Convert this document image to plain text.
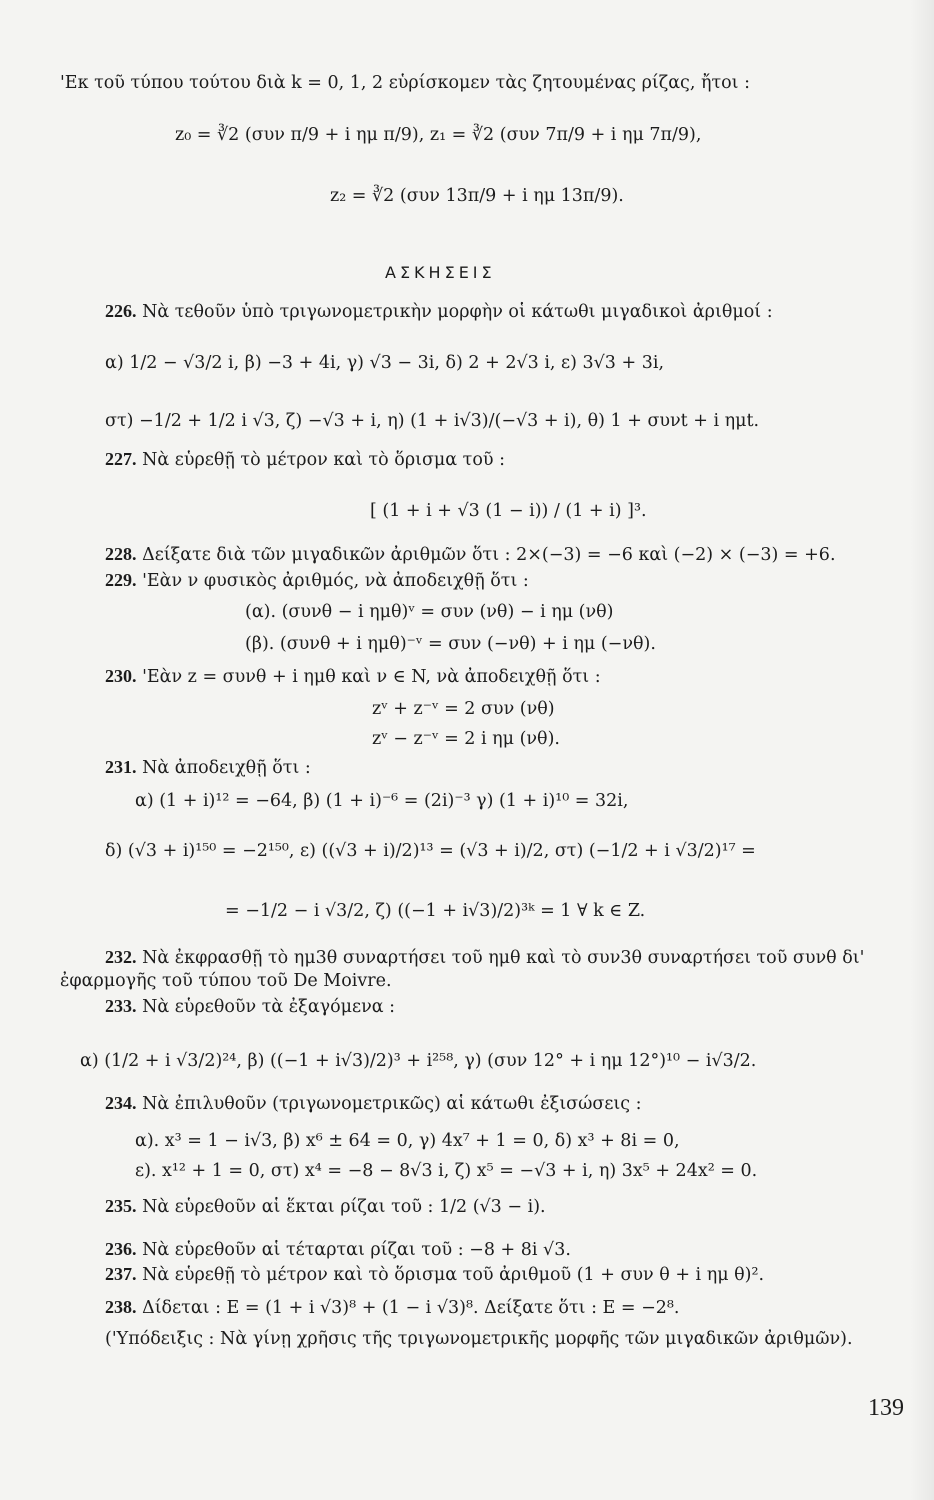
'Εκ τοῦ τύπου τούτου διὰ k = 0, 1, 2 εὑρίσκομεν τὰς ζητουμένας ρίζας, ἤτοι :
z₀ = ∛2 (συν π/9 + i ημ π/9), z₁ = ∛2 (συν 7π/9 + i ημ 7π/9),
z₂ = ∛2 (συν 13π/9 + i ημ 13π/9).
ΑΣΚΗΣΕΙΣ
226. Νὰ τεθοῦν ὑπὸ τριγωνομετρικὴν μορφὴν οἱ κάτωθι μιγαδικοὶ ἀριθμοί :
α) 1/2 − √3/2 i, β) −3 + 4i, γ) √3 − 3i, δ) 2 + 2√3 i, ε) 3√3 + 3i,
στ) −1/2 + 1/2 i √3, ζ) −√3 + i, η) (1 + i√3)/(−√3 + i), θ) 1 + συνt + i ημt.
227. Νὰ εὑρεθῇ τὸ μέτρον καὶ τὸ ὅρισμα τοῦ :
[ (1 + i + √3 (1 − i)) / (1 + i) ]³.
228. Δείξατε διὰ τῶν μιγαδικῶν ἀριθμῶν ὅτι : 2×(−3) = −6 καὶ (−2) × (−3) = +6.
229. 'Εὰν ν φυσικὸς ἀριθμός, νὰ ἀποδειχθῇ ὅτι :
(α). (συνθ − i ημθ)ᵛ = συν (νθ) − i ημ (νθ)
(β). (συνθ + i ημθ)⁻ᵛ = συν (−νθ) + i ημ (−νθ).
230. 'Εὰν z = συνθ + i ημθ καὶ ν ∈ N, νὰ ἀποδειχθῇ ὅτι :
zᵛ + z⁻ᵛ = 2 συν (νθ)
zᵛ − z⁻ᵛ = 2 i ημ (νθ).
231. Νὰ ἀποδειχθῇ ὅτι :
α) (1 + i)¹² = −64, β) (1 + i)⁻⁶ = (2i)⁻³ γ) (1 + i)¹⁰ = 32i,
δ) (√3 + i)¹⁵⁰ = −2¹⁵⁰, ε) ((√3 + i)/2)¹³ = (√3 + i)/2, στ) (−1/2 + i √3/2)¹⁷ =
= −1/2 − i √3/2, ζ) ((−1 + i√3)/2)³ᵏ = 1 ∀ k ∈ Z.
232. Νὰ ἐκφρασθῇ τὸ ημ3θ συναρτήσει τοῦ ημθ καὶ τὸ συν3θ συναρτήσει τοῦ συνθ δι'
ἐφαρμογῆς τοῦ τύπου τοῦ De Moivre.
233. Νὰ εὑρεθοῦν τὰ ἐξαγόμενα :
α) (1/2 + i √3/2)²⁴, β) ((−1 + i√3)/2)³ + i²⁵⁸, γ) (συν 12° + i ημ 12°)¹⁰ − i√3/2.
234. Νὰ ἐπιλυθοῦν (τριγωνομετρικῶς) αἱ κάτωθι ἐξισώσεις :
α). x³ = 1 − i√3, β) x⁶ ± 64 = 0, γ) 4x⁷ + 1 = 0, δ) x³ + 8i = 0,
ε). x¹² + 1 = 0, στ) x⁴ = −8 − 8√3 i, ζ) x⁵ = −√3 + i, η) 3x⁵ + 24x² = 0.
235. Νὰ εὑρεθοῦν αἱ ἕκται ρίζαι τοῦ : 1/2 (√3 − i).
236. Νὰ εὑρεθοῦν αἱ τέταρται ρίζαι τοῦ : −8 + 8i √3.
237. Νὰ εὑρεθῇ τὸ μέτρον καὶ τὸ ὅρισμα τοῦ ἀριθμοῦ (1 + συν θ + i ημ θ)².
238. Δίδεται : E = (1 + i √3)⁸ + (1 − i √3)⁸. Δείξατε ὅτι : E = −2⁸.
('Υπόδειξις : Νὰ γίνῃ χρῆσις τῆς τριγωνομετρικῆς μορφῆς τῶν μιγαδικῶν ἀριθμῶν).
139
